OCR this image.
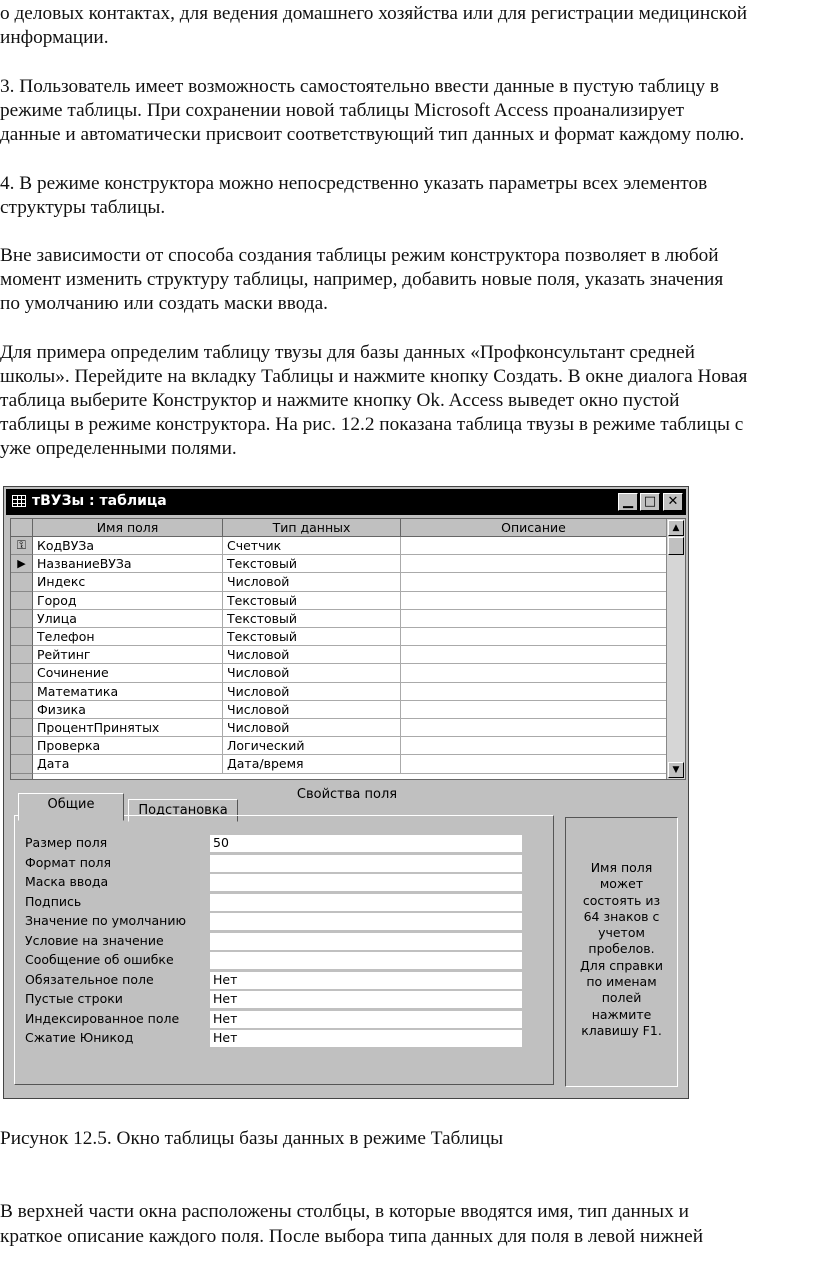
о деловых контактах, для ведения домашнего хозяйства или для регистрации медицинской

информации.

3. Пользователь имеет возможность самостоятельно ввести данные в пустую таблицу в

режиме таблицы. При сохранении новой таблицы Microsoft Access проанализирует

данные и автоматически присвоит соответствующий тип данных и формат каждому полю.

4. В режиме конструктора можно непосредственно указать параметры всех элементов

структуры таблицы.

Вне зависимости от способа создания таблицы режим конструктора позволяет в любой

момент изменить структуру таблицы, например, добавить новые поля, указать значения

по умолчанию или создать маски ввода.

Для примера определим таблицу твузы для базы данных «Профконсультант средней

школы». Перейдите на вкладку Таблицы и нажмите кнопку Создать. В окне диалога Новая

таблица выберите Конструктор и нажмите кнопку Ok. Access выведет окно пустой

таблицы в режиме конструктора. На рис. 12.2 показана таблица твузы в режиме таблицы с

уже определенными полями.

тВУЗы : таблица	▁ □ ✕
Имя поля	Тип данных	Описание
⚿ КодВУЗа	Счетчик
▶ НазваниеВУЗа	Текстовый
Индекс	Числовой
Город	Текстовый
Улица	Текстовый
Телефон	Текстовый
Рейтинг	Числовой
Сочинение	Числовой
Математика	Числовой
Физика	Числовой
ПроцентПринятых	Числовой
Проверка	Логический
Дата	Дата/время
▲
▼
Свойства поля
Общие	Подстановка
Размер поля	50
Формат поля
Маска ввода
Подпись
Значение по умолчанию
Условие на значение
Сообщение об ошибке
Обязательное поле	Нет
Пустые строки	Нет
Индексированное поле	Нет
Сжатие Юникод	Нет
Имя поля
может
состоять из
64 знаков с
учетом
пробелов.
Для справки
по именам
полей
нажмите
клавишу F1.

Рисунок 12.5. Окно таблицы базы данных в режиме Таблицы

В верхней части окна расположены столбцы, в которые вводятся имя, тип данных и

краткое описание каждого поля. После выбора типа данных для поля в левой нижней
